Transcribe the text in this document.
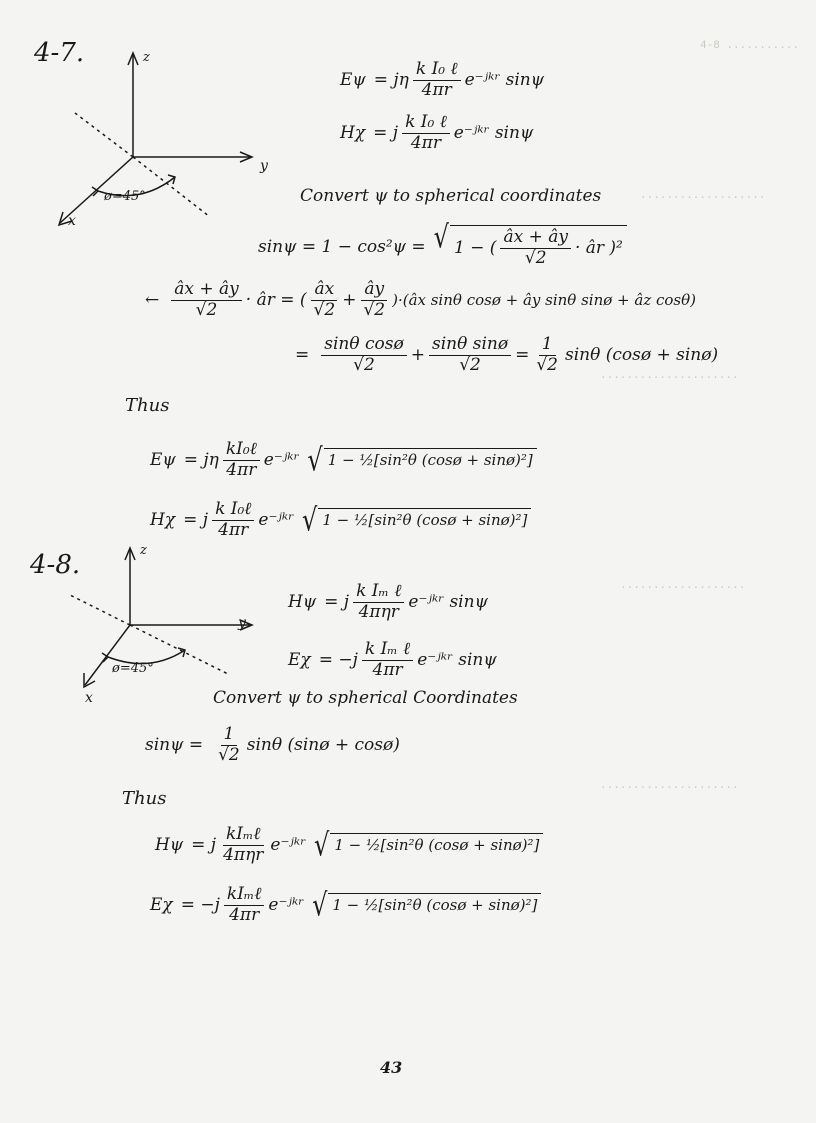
4-8 ...........
...................
.....................
...................
.....................
4-7.	z
y
x
ø=45°
Eψ = jη $\frac{\text{k I₀ ℓ}}{4\pi r}$ e⁻ʲᵏʳ sinψ
Hχ = j $\frac{\text{k I₀ ℓ}}{4\pi r}$ e⁻ʲᵏʳ sinψ
Convert ψ to spherical coordinates
sinψ = 1 − cos²ψ = √ 1 − ( $\frac{âx + ây}{√2}$ · âr )²
← $\frac{âx + ây}{√2}$ · âr = ( $\frac{âx}{√2} + \frac{ây}{√2}$ )·(âx sinθ cosø + ây sinθ sinø + âz cosθ)
= $\frac{\text{sinθ cosø}}{√2} + \frac{\text{sinθ sinø}}{√2} = \frac{1}{√2}$ sinθ (cosø + sinø)
Thus
Eψ = jη $\frac{\text{kI₀ℓ}}{4\pi r}$ e⁻ʲᵏʳ √ 1 − ½[sin²θ (cosø + sinø)²]
Hχ = j $\frac{\text{k I₀ℓ}}{4\pi r}$ e⁻ʲᵏʳ √ 1 − ½[sin²θ (cosø + sinø)²]
4-8.	z
y
x
ø=45°
Hψ = j $\frac{\text{k Iₘ ℓ}}{\text{4πηr}}$ e⁻ʲᵏʳ sinψ
$E\chi = -j \frac{\text{k Iₘ ℓ}}{4\pi r}$ e⁻ʲᵏʳ sinψ
Convert ψ to spherical Coordinates
$\sin\psi = \frac{1}{√2}$ sinθ (sinø + cosø)
Thus
Hψ = j $\frac{\text{kIₘℓ}}{\text{4πηr}}$ e⁻ʲᵏʳ √ 1 − ½[sin²θ (cosø + sinø)²]
$E\chi = -j \frac{\text{kIₘℓ}}{4\pi r}$ e⁻ʲᵏʳ √ 1 − ½[sin²θ (cosø + sinø)²]
43
